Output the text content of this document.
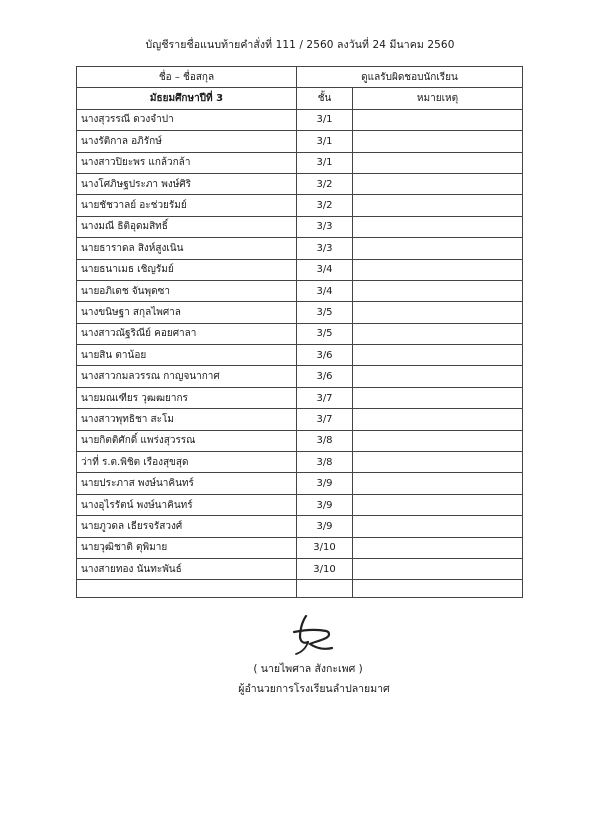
บัญชีรายชื่อแนบท้ายคำสั่งที่ 111 / 2560 ลงวันที่ 24 มีนาคม 2560
ชื่อ – ชื่อสกุล	ดูแลรับผิดชอบนักเรียน	
มัธยมศึกษาปีที่ 3	ชั้น	หมายเหตุ
นางสุวรรณี ดวงจำปา	3/1	
นางรัติกาล อภิรักษ์	3/1	
นางสาวปิยะพร แกล้วกล้า	3/1	
นางโศภิษฐประภา พงษ์ศิริ	3/2	
นายชัชวาลย์ อะช่วยรัมย์	3/2	
นางมณี ธิติอุดมสิทธิ์	3/3	
นายธาราดล สิงห์สูงเนิน	3/3	
นายธนาเมธ เชิญรัมย์	3/4	
นายอภิเดช จันพุดซา	3/4	
นางขนิษฐา สกุลไพศาล	3/5	
นางสาวณัฐริณีย์ คอยศาลา	3/5	
นายสิน ตาน้อย	3/6	
นางสาวกมลวรรณ กาญจนากาศ	3/6	
นายมณเฑียร วุฒฒยากร	3/7	
นางสาวพุทธิชา สะโม	3/7	
นายกิตติศักดิ์ แพร่งสุวรรณ	3/8	
ว่าที่ ร.ต.พิชิต เรืองสุขสุด	3/8	
นายประภาส พงษ์นาคินทร์	3/9	
นางอุไรรัตน์ พงษ์นาคินทร์	3/9	
นายภูวดล เธียรจรัสวงศ์	3/9	
นายวุฒิชาติ ตุพิมาย	3/10	
นางสายทอง นันทะพันธ์	3/10	

( นายไพศาล สังกะเพศ )
ผู้อำนวยการโรงเรียนลำปลายมาศ
